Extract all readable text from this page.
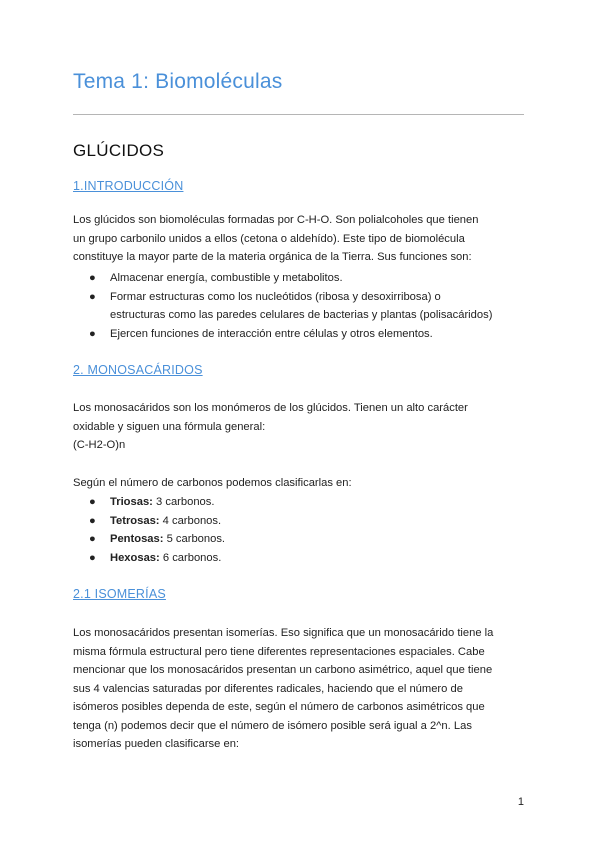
Tema 1: Biomoléculas
GLÚCIDOS
1.INTRODUCCIÓN
Los glúcidos son biomoléculas formadas por C-H-O. Son polialcoholes que tienen
un grupo carbonilo unidos a ellos (cetona o aldehído). Este tipo de biomolécula
constituye la mayor parte de la materia orgánica de la Tierra. Sus funciones son:
● Almacenar energía, combustible y metabolitos.
● Formar estructuras como los nucleótidos (ribosa y desoxirribosa) o
estructuras como las paredes celulares de bacterias y plantas (polisacáridos)
● Ejercen funciones de interacción entre células y otros elementos.
2. MONOSACÁRIDOS
Los monosacáridos son los monómeros de los glúcidos. Tienen un alto carácter
oxidable y siguen una fórmula general:
(C-H2-O)n
Según el número de carbonos podemos clasificarlas en:
● Triosas: 3 carbonos.
● Tetrosas: 4 carbonos.
● Pentosas: 5 carbonos.
● Hexosas: 6 carbonos.
2.1 ISOMERÍAS
Los monosacáridos presentan isomerías. Eso significa que un monosacárido tiene la
misma fórmula estructural pero tiene diferentes representaciones espaciales. Cabe
mencionar que los monosacáridos presentan un carbono asimétrico, aquel que tiene
sus 4 valencias saturadas por diferentes radicales, haciendo que el número de
isómeros posibles dependa de este, según el número de carbonos asimétricos que
tenga (n) podemos decir que el número de isómero posible será igual a 2^n. Las
isomerías pueden clasificarse en:
1
